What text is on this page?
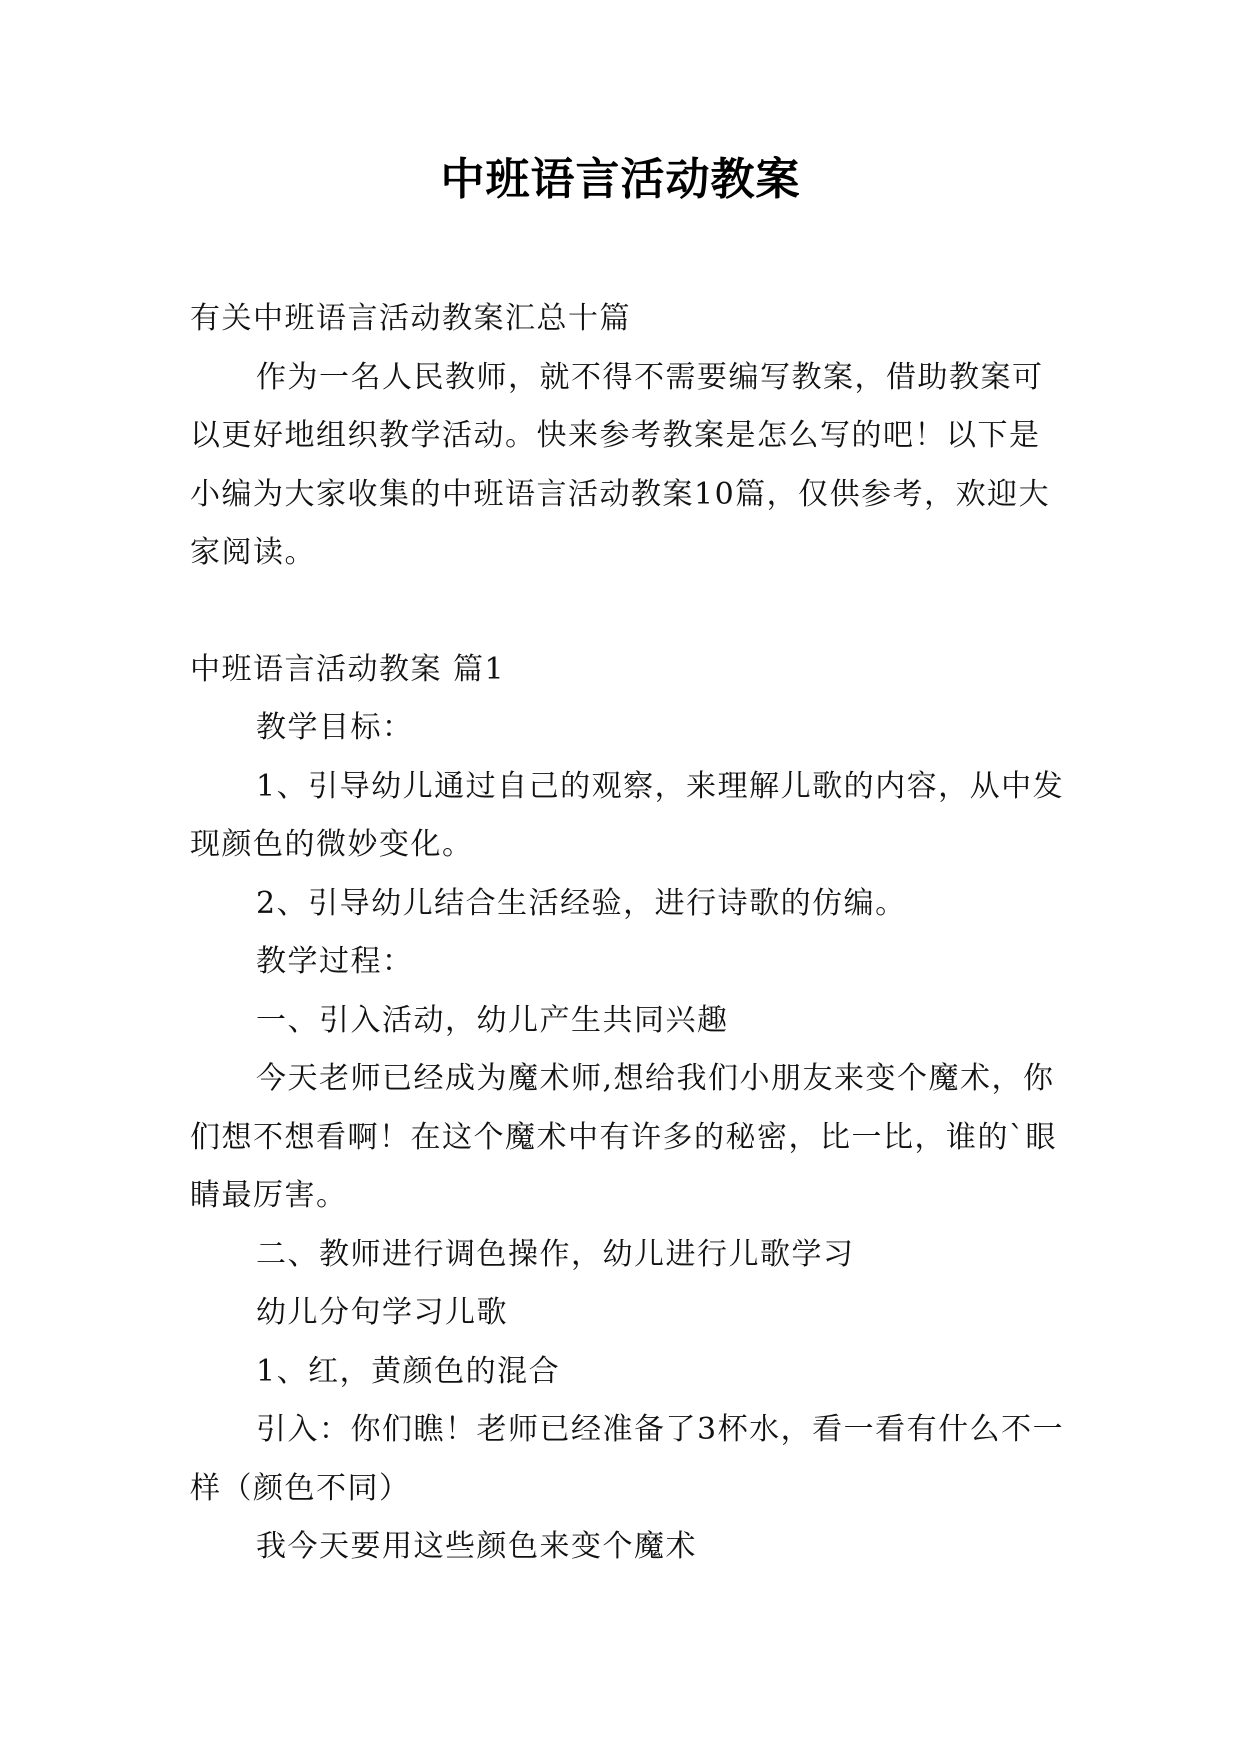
中班语言活动教案

有关中班语言活动教案汇总十篇

作为一名人民教师，就不得不需要编写教案，借助教案可以更好地组织教学活动。快来参考教案是怎么写的吧！以下是小编为大家收集的中班语言活动教案10篇，仅供参考，欢迎大家阅读。

中班语言活动教案 篇1

教学目标：

1、引导幼儿通过自己的观察，来理解儿歌的内容，从中发现颜色的微妙变化。

2、引导幼儿结合生活经验，进行诗歌的仿编。

教学过程：

一、引入活动，幼儿产生共同兴趣

今天老师已经成为魔术师,想给我们小朋友来变个魔术，你们想不想看啊！在这个魔术中有许多的秘密，比一比，谁的`眼睛最厉害。

二、教师进行调色操作，幼儿进行儿歌学习

幼儿分句学习儿歌

1、红，黄颜色的混合

引入：你们瞧！老师已经准备了3杯水，看一看有什么不一样（颜色不同）

我今天要用这些颜色来变个魔术
